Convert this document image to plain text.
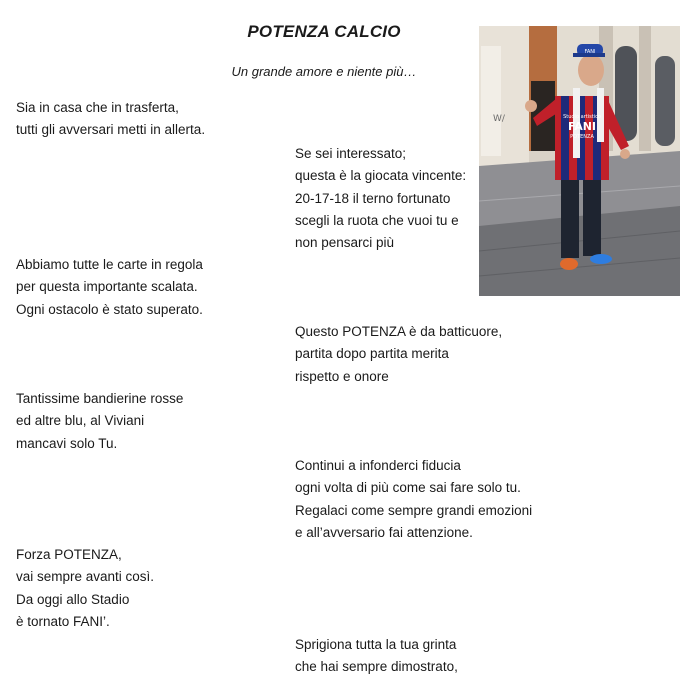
POTENZA CALCIO
Un grande amore e niente più…
Sia in casa che in trasferta,
tutti gli avversari metti in allerta.
Se sei interessato;
questa è la giocata vincente:
20-17-18 il terno fortunato
scegli la ruota che vuoi tu e
non pensarci più
Abbiamo tutte le carte in regola
per questa importante scalata.
Ogni ostacolo è stato superato.
Questo POTENZA è da batticuore,
partita dopo partita merita
rispetto e onore
Tantissime bandierine rosse
ed altre blu, al Viviani
mancavi solo Tu.
Continui a infonderci fiducia
ogni volta di più come sai fare solo tu.
Regalaci come sempre grandi emozioni
e all’avversario fai attenzione.
Forza POTENZA,
vai sempre avanti così.
Da oggi allo Stadio
è tornato FANI’.
Sprigiona tutta la tua grinta
che hai sempre dimostrato,
W/	Studio artistico
FANI
POTENZA
FANI
